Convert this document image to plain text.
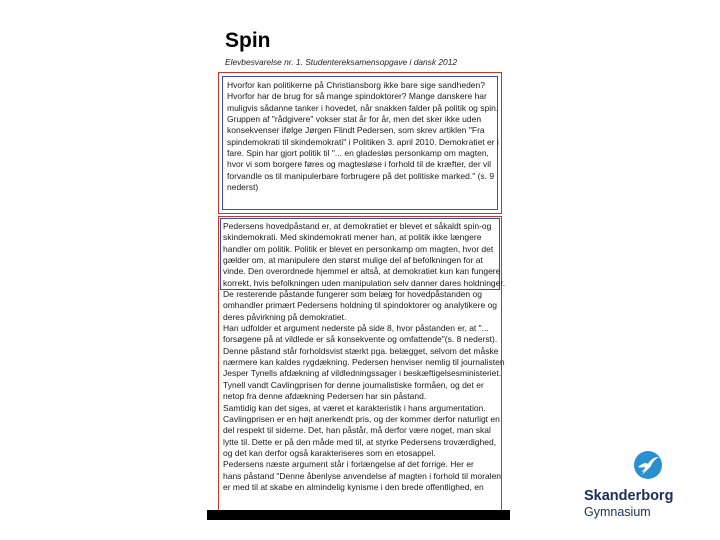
Spin
Elevbesvarelse nr. 1. Studentereksamensopgave i dansk 2012
Hvorfor kan politikerne på Christiansborg ikke bare sige sandheden?
Hvorfor har de brug for så mange spindoktorer? Mange danskere har
muligvis sådanne tanker i hovedet, når snakken falder på politik og spin.
Gruppen af "rådgivere" vokser stat år for år, men det sker ikke uden
konsekvenser ifølge Jørgen Flindt Pedersen, som skrev artiklen "Fra
spindemokrati til skindemokrati" i Politiken 3. april 2010. Demokratiet er i
fare. Spin har gjort politik til "... en gladesløs personkamp om magten,
hvor vi som borgere føres og magtesløse i forhold til de kræfter, der vil
forvandle os til manipulerbare forbrugere på det politiske marked." (s. 9
nederst)
Pedersens hovedpåstand er, at demokratiet er blevet et såkaldt spin-og
skindemokrati. Med skindemokrati mener han, at politik ikke længere
handler om politik. Politik er blevet en personkamp om magten, hvor det
gælder om, at manipulere den størst mulige del af befolkningen for at
vinde. Den overordnede hjemmel er altså, at demokratiet kun kan fungere
korrekt, hvis befolkningen uden manipulation selv danner dares holdninger.
De resterende påstande fungerer som belæg for hovedpåstanden og
omhandler primært Pedersens holdning til spindoktorer og analytikere og
deres påvirkning på demokratiet.
Han udfolder et argument nederste på side 8, hvor påstanden er, at "...
forsøgene på at vildlede er så konsekvente og omfattende"(s. 8 nederst).
Denne påstand står forholdsvist stærkt pga. belægget, selvom det måske
nærmere kan kaldes rygdækning. Pedersen henviser nemlig til journalisten
Jesper Tynells afdækning af vildledningssager i beskæftigelsesministeriet.
Tynell vandt Cavlingprisen for denne journalistiske formåen, og det er
netop fra denne afdækning Pedersen har sin påstand.
Samtidig kan det siges, at været et karakteristik i hans argumentation.
Cavlingprisen er en højt anerkendt pris, og der kommer derfor naturligt en
del respekt til siderne. Det, han påstår, må derfor være noget, man skal
lytte til. Dette er på den måde med til, at styrke Pedersens troværdighed,
og det kan derfor også karakteriseres som en etosappel.
Pedersens næste argument står i forlængelse af det forrige. Her er
hans påstand "Denne åbenlyse anvendelse af magten i forhold til moralen
er med til at skabe en almindelig kynisme i den brede offentlighed, en
Skanderborg
Gymnasium
